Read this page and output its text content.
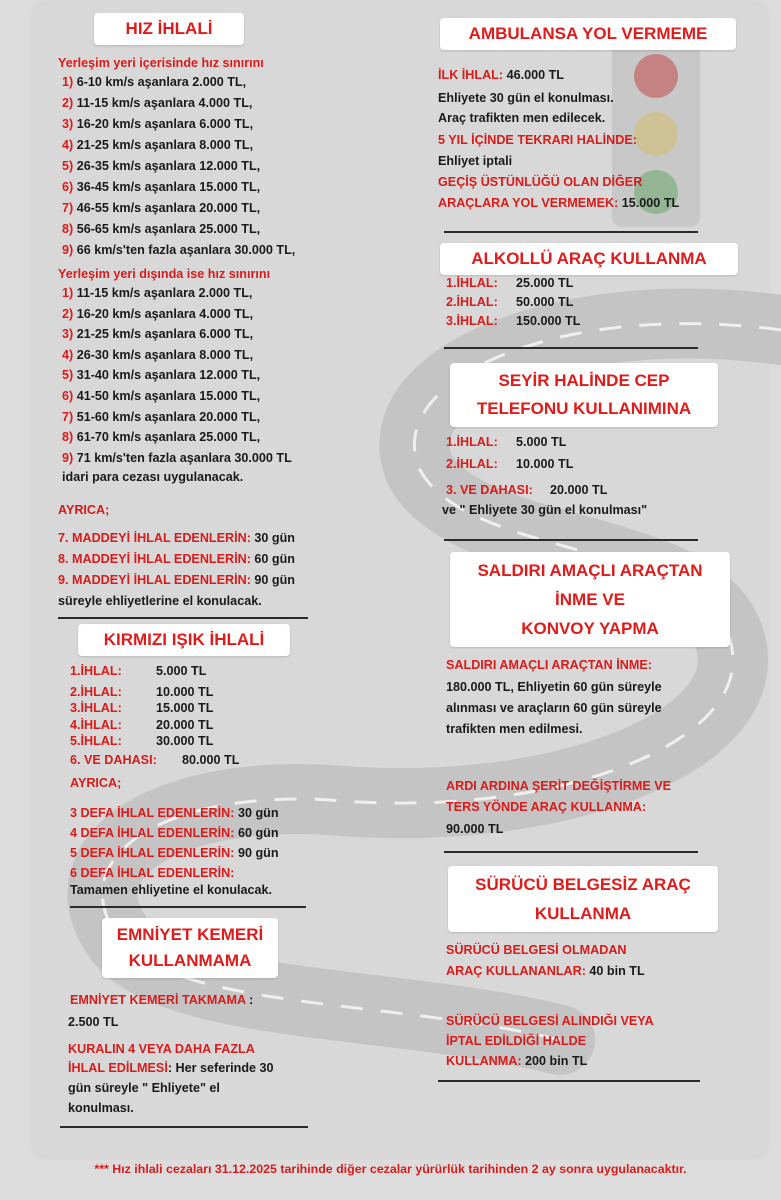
HIZ İHLALİ
Yerleşim yeri içerisinde hız sınırını
1) 6-10 km/s aşanlara 2.000 TL,
2) 11-15 km/s aşanlara 4.000 TL,
3) 16-20 km/s aşanlara 6.000 TL,
4) 21-25 km/s aşanlara 8.000 TL,
5) 26-35 km/s aşanlara 12.000 TL,
6) 36-45 km/s aşanlara 15.000 TL,
7) 46-55 km/s aşanlara 20.000 TL,
8) 56-65 km/s aşanlara 25.000 TL,
9) 66 km/s'ten fazla aşanlara 30.000 TL,
Yerleşim yeri dışında ise hız sınırını
1) 11-15 km/s aşanlara 2.000 TL,
2) 16-20 km/s aşanlara 4.000 TL,
3) 21-25 km/s aşanlara 6.000 TL,
4) 26-30 km/s aşanlara 8.000 TL,
5) 31-40 km/s aşanlara 12.000 TL,
6) 41-50 km/s aşanlara 15.000 TL,
7) 51-60 km/s aşanlara 20.000 TL,
8) 61-70 km/s aşanlara 25.000 TL,
9) 71 km/s'ten fazla aşanlara 30.000 TL
idari para cezası uygulanacak.
AYRICA;
7. MADDEYİ İHLAL EDENLERİN: 30 gün
8. MADDEYİ İHLAL EDENLERİN: 60 gün
9. MADDEYİ İHLAL EDENLERİN: 90 gün
süreyle ehliyetlerine el konulacak.
KIRMIZI IŞIK İHLALİ
1.İHLAL:	5.000 TL
2.İHLAL:	10.000 TL
3.İHLAL:	15.000 TL
4.İHLAL:	20.000 TL
5.İHLAL:	30.000 TL
6. VE DAHASI: 80.000 TL
AYRICA;
3 DEFA İHLAL EDENLERİN: 30 gün
4 DEFA İHLAL EDENLERİN: 60 gün
5 DEFA İHLAL EDENLERİN: 90 gün
6 DEFA İHLAL EDENLERİN:
Tamamen ehliyetine el konulacak.
EMNİYET KEMERİ
KULLANMAMA
EMNİYET KEMERİ TAKMAMA :
2.500 TL
KURALIN 4 VEYA DAHA FAZLA
İHLAL EDİLMESİ: Her seferinde 30
gün süreyle " Ehliyete" el
konulması.
AMBULANSA YOL VERMEME
İLK İHLAL: 46.000 TL
Ehliyete 30 gün el konulması.
Araç trafikten men edilecek.
5 YIL İÇİNDE TEKRARI HALİNDE:
Ehliyet iptali
GEÇİŞ ÜSTÜNLÜĞÜ OLAN DİĞER
ARAÇLARA YOL VERMEMEK: 15.000 TL
ALKOLLÜ ARAÇ KULLANMA
1.İHLAL: 25.000 TL
2.İHLAL: 50.000 TL
3.İHLAL: 150.000 TL
SEYİR HALİNDE CEP
TELEFONU KULLANIMINA
1.İHLAL: 5.000 TL
2.İHLAL: 10.000 TL
3. VE DAHASI: 20.000 TL
ve " Ehliyete 30 gün el konulması"
SALDIRI AMAÇLI ARAÇTAN
İNME VE
KONVOY YAPMA
SALDIRI AMAÇLI ARAÇTAN İNME:
180.000 TL, Ehliyetin 60 gün süreyle
alınması ve araçların 60 gün süreyle
trafikten men edilmesi.
ARDI ARDINA ŞERİT DEĞİŞTİRME VE
TERS YÖNDE ARAÇ KULLANMA:
90.000 TL
SÜRÜCÜ BELGESİZ ARAÇ
KULLANMA
SÜRÜCÜ BELGESİ OLMADAN
ARAÇ KULLANANLAR: 40 bin TL
SÜRÜCÜ BELGESİ ALINDIĞI VEYA
İPTAL EDİLDİĞİ HALDE
KULLANMA: 200 bin TL
*** Hız ihlali cezaları 31.12.2025 tarihinde diğer cezalar yürürlük tarihinden 2 ay sonra uygulanacaktır.
